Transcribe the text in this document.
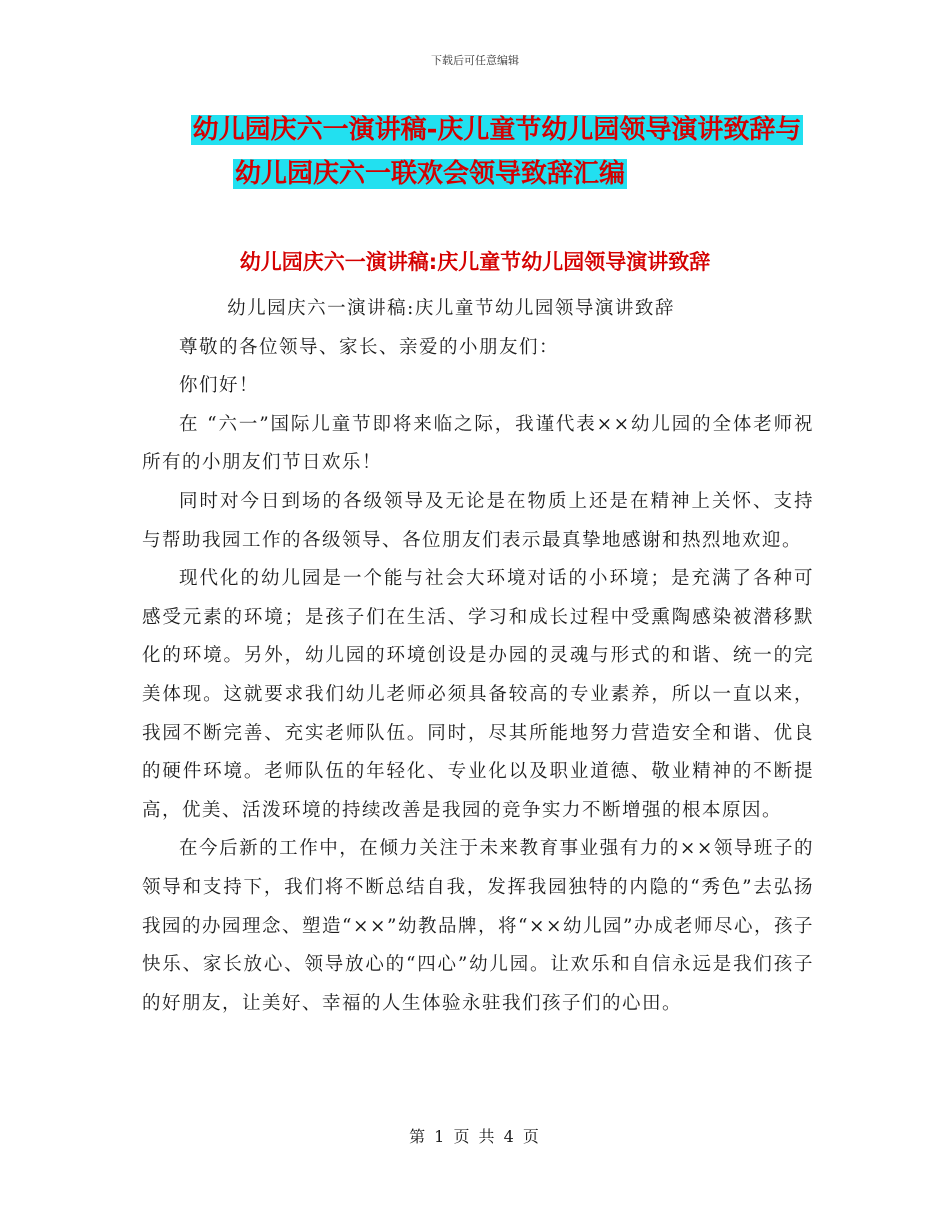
下载后可任意编辑
幼儿园庆六一演讲稿-庆儿童节幼儿园领导演讲致辞与
幼儿园庆六一联欢会领导致辞汇编
幼儿园庆六一演讲稿:庆儿童节幼儿园领导演讲致辞

幼儿园庆六一演讲稿:庆儿童节幼儿园领导演讲致辞

尊敬的各位领导、家长、亲爱的小朋友们：

你们好！

在 “六一”国际儿童节即将来临之际，我谨代表××幼儿园的全体老师祝所有的小朋友们节日欢乐！

同时对今日到场的各级领导及无论是在物质上还是在精神上关怀、支持与帮助我园工作的各级领导、各位朋友们表示最真挚地感谢和热烈地欢迎。

现代化的幼儿园是一个能与社会大环境对话的小环境；是充满了各种可感受元素的环境；是孩子们在生活、学习和成长过程中受熏陶感染被潜移默化的环境。另外，幼儿园的环境创设是办园的灵魂与形式的和谐、统一的完美体现。这就要求我们幼儿老师必须具备较高的专业素养，所以一直以来，我园不断完善、充实老师队伍。同时，尽其所能地努力营造安全和谐、优良的硬件环境。老师队伍的年轻化、专业化以及职业道德、敬业精神的不断提高，优美、活泼环境的持续改善是我园的竞争实力不断增强的根本原因。

在今后新的工作中，在倾力关注于未来教育事业强有力的××领导班子的领导和支持下，我们将不断总结自我，发挥我园独特的内隐的“秀色”去弘扬我园的办园理念、塑造“××”幼教品牌，将“××幼儿园”办成老师尽心，孩子快乐、家长放心、领导放心的“四心”幼儿园。让欢乐和自信永远是我们孩子的好朋友，让美好、幸福的人生体验永驻我们孩子们的心田。

第 1 页 共 4 页
